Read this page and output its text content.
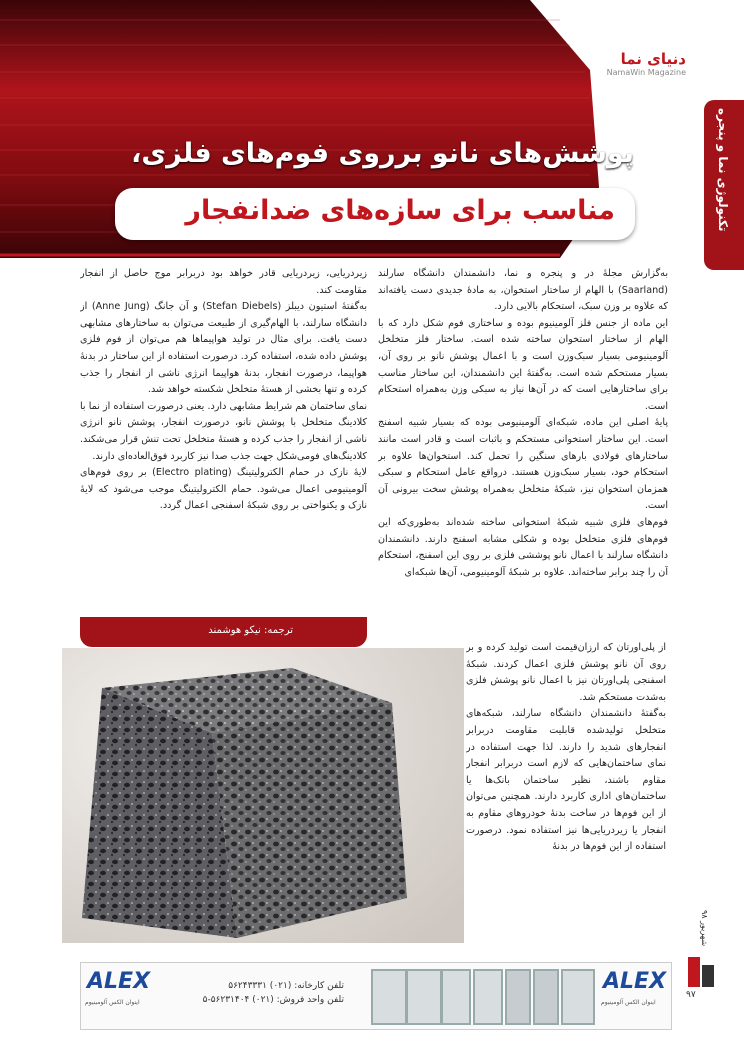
دنیای نما
NamaWin Magazine
تکنولوژی نما و پنجره
پوشش‌های نانو برروی فوم‌های فلزی،
مناسب برای سازه‌های ضدانفجار

به‌گزارش مجلۀ در و پنجره و نما، دانشمندان دانشگاه سارلند (Saarland) با الهام از ساختار استخوان، به مادۀ جدیدی دست یافته‌اند که علاوه بر وزن سبک، استحکام بالایی دارد.

این ماده از جنس فلز آلومینیوم بوده و ساختاری فوم شکل دارد که با الهام از ساختار استخوان ساخته شده است. ساختار فلز متخلخل آلومینیومی بسیار سبک‌وزن است و با اعمال پوشش نانو بر روی آن، بسیار مستحکم شده است. به‌گفتۀ این دانشمندان، این ساختار مناسب برای ساختارهایی است که در آن‌ها نیاز به سبکی وزن به‌همراه استحکام است.

پایۀ اصلی این ماده، شبکه‌ای آلومینیومی بوده که بسیار شبیه اسفنج است. این ساختار استخوانی مستحکم و باثبات است و قادر است مانند ساختارهای فولادی بارهای سنگین را تحمل کند. استخوان‌ها علاوه بر استحکام خود، بسیار سبک‌وزن هستند. درواقع عامل استحکام و سبکی همزمان استخوان نیز، شبکۀ متخلخل به‌همراه پوشش سخت بیرونی آن است.

فوم‌های فلزی شبیه شبکۀ استخوانی ساخته شده‌اند به‌طوری‌که این فوم‌های فلزی متخلخل بوده و شکلی مشابه اسفنج دارند. دانشمندان دانشگاه سارلند با اعمال نانو پوششی فلزی بر روی این اسفنج، استحکام آن را چند برابر ساخته‌اند. علاوه بر شبکۀ آلومینیومی، آن‌ها شبکه‌ای

زیردریایی، زیردریایی قادر خواهد بود دربرابر موج حاصل از انفجار مقاومت کند.

به‌گفتۀ استیون دیبلز (Stefan Diebels) و آن جانگ (Anne Jung) از دانشگاه سارلند، با الهام‌گیری از طبیعت می‌توان به ساختارهای مشابهی دست یافت. برای مثال در تولید هواپیماها هم می‌توان از فوم فلزی پوشش داده شده، استفاده کرد. درصورت استفاده از این ساختار در بدنۀ هواپیما، درصورت انفجار، بدنۀ هواپیما انرژی ناشی از انفجار را جذب کرده و تنها بخشی از هستۀ متخلخل شکسته خواهد شد.

نمای ساختمان هم شرایط مشابهی دارد. یعنی درصورت استفاده از نما با کلادینگ متخلخل با پوشش نانو، درصورت انفجار، پوشش نانو انرژی ناشی از انفجار را جذب کرده و هستۀ متخلخل تحت تنش قرار می‌شکند. کلادینگ‌های فومی‌شکل جهت جذب صدا نیز کاربرد فوق‌العاده‌ای دارند.

لایۀ نازک در حمام الکترولیتینگ (Electro plating) بر روی فوم‌های آلومینیومی اعمال می‌شود. حمام الکترولیتینگ موجب می‌شود که لایۀ نازک و یکنواختی بر روی شبکۀ اسفنجی اعمال گردد.

ترجمه: نیکو هوشمند

از پلی‌اورتان که ارزان‌قیمت است تولید کرده و بر روی آن نانو پوشش فلزی اعمال کردند. شبکۀ اسفنجی پلی‌اورتان نیز با اعمال نانو پوشش فلزی به‌شدت مستحکم شد.

به‌گفتۀ دانشمندان دانشگاه سارلند، شبکه‌های متخلخل تولیدشده قابلیت مقاومت دربرابر انفجارهای شدید را دارند. لذا جهت استفاده در نمای ساختمان‌هایی که لازم است دربرابر انفجار مقاوم باشند، نظیر ساختمان بانک‌ها یا ساختمان‌های اداری کاربرد دارند. همچنین می‌توان از این فوم‌ها در ساخت بدنۀ خودروهای مقاوم به انفجار یا زیردریایی‌ها نیز استفاده نمود. درصورت استفاده از این فوم‌ها در بدنۀ

شهریور ۹۸
۹۷
ALEX
اینوان الکس آلومینیوم
تلفن کارخانه: (۰۲۱) ۵۶۲۴۳۳۳۱
تلفن واحد فروش: (۰۲۱) ۵۶۲۳۱۴۰۴-۵
ALEX
اینوان الکس آلومینیوم
